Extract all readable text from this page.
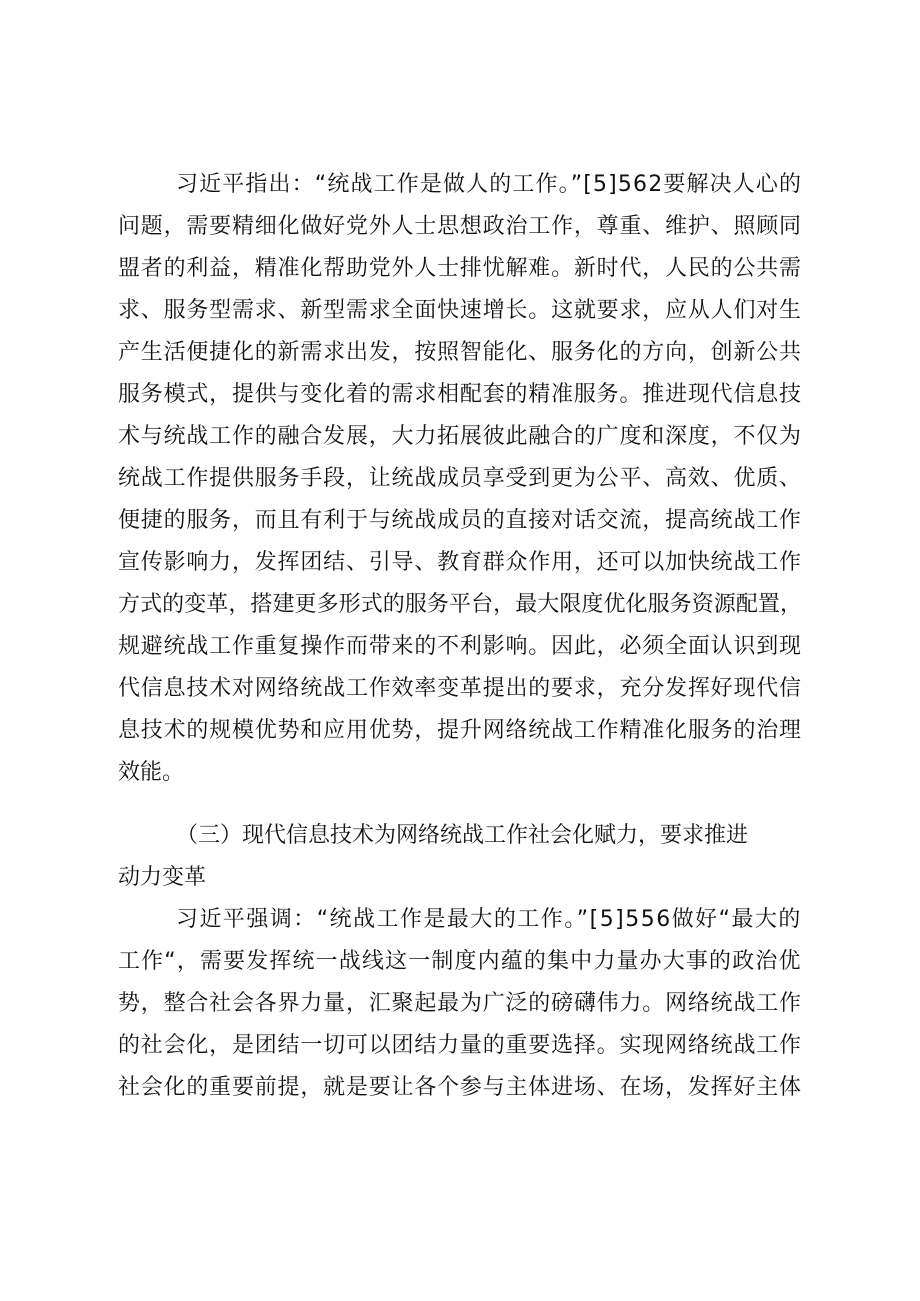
习近平指出：“统战工作是做人的工作。”[5]562要解决人心的
问题，需要精细化做好党外人士思想政治工作，尊重、维护、照顾同
盟者的利益，精准化帮助党外人士排忧解难。新时代，人民的公共需
求、服务型需求、新型需求全面快速增长。这就要求，应从人们对生
产生活便捷化的新需求出发，按照智能化、服务化的方向，创新公共
服务模式，提供与变化着的需求相配套的精准服务。推进现代信息技
术与统战工作的融合发展，大力拓展彼此融合的广度和深度，不仅为
统战工作提供服务手段，让统战成员享受到更为公平、高效、优质、
便捷的服务，而且有利于与统战成员的直接对话交流，提高统战工作
宣传影响力，发挥团结、引导、教育群众作用，还可以加快统战工作
方式的变革，搭建更多形式的服务平台，最大限度优化服务资源配置，
规避统战工作重复操作而带来的不利影响。因此，必须全面认识到现
代信息技术对网络统战工作效率变革提出的要求，充分发挥好现代信
息技术的规模优势和应用优势，提升网络统战工作精准化服务的治理
效能。
（三）现代信息技术为网络统战工作社会化赋力，要求推进
动力变革
习近平强调：“统战工作是最大的工作。”[5]556做好“最大的
工作“，需要发挥统一战线这一制度内蕴的集中力量办大事的政治优
势，整合社会各界力量，汇聚起最为广泛的磅礴伟力。网络统战工作
的社会化，是团结一切可以团结力量的重要选择。实现网络统战工作
社会化的重要前提，就是要让各个参与主体进场、在场，发挥好主体
